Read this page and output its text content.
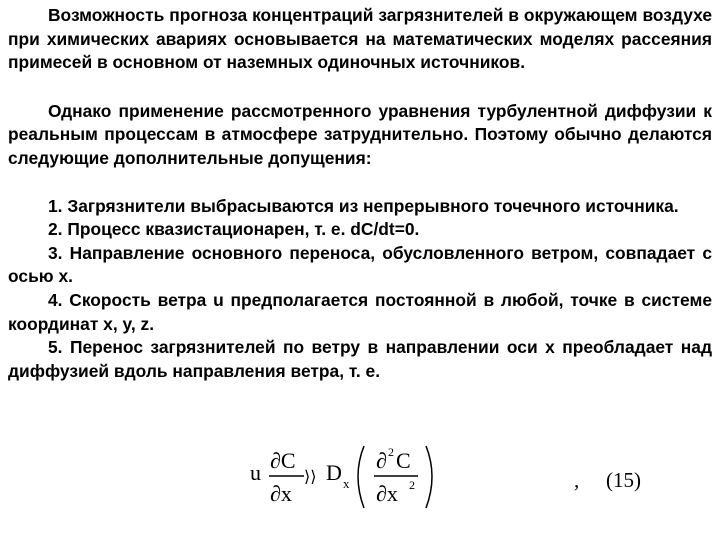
Возможность прогноза концентраций загрязнителей в окружающем воздухе при химических авариях основывается на математических моделях рассеяния примесей в основном от наземных одиночных источников.

Однако применение рассмотренного уравнения турбулентной диффузии к реальным процессам в атмосфере затруднительно. Поэтому обычно делаются следующие дополнительные допущения:

1. Загрязнители выбрасываются из непрерывного точечного источника.

2. Процесс квазистационарен, т. е. dC/dt=0.

3. Направление основного переноса, обусловленного ветром, совпадает с осью x.

4. Скорость ветра u предполагается постоянной в любой, точке в системе координат x, y, z.

5. Перенос загрязнителей по ветру в направлении оси x преобладает над диффузией вдоль направления ветра, т. е.

u ∂C
∂x
⟩⟩ D x
∂ 2 C
∂x 2	, (15)
